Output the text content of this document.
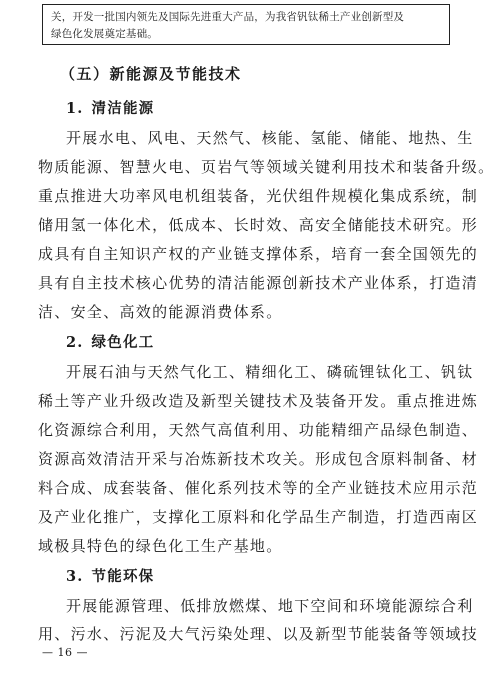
关，开发一批国内领先及国际先进重大产品，为我省钒钛稀土产业创新型及
绿色化发展奠定基础。
（五）新能源及节能技术
1. 清洁能源
开展水电、风电、天然气、核能、氢能、储能、地热、生
物质能源、智慧火电、页岩气等领域关键利用技术和装备升级。
重点推进大功率风电机组装备，光伏组件规模化集成系统，制
储用氢一体化术，低成本、长时效、高安全储能技术研究。形
成具有自主知识产权的产业链支撑体系，培育一套全国领先的
具有自主技术核心优势的清洁能源创新技术产业体系，打造清
洁、安全、高效的能源消费体系。
2. 绿色化工
开展石油与天然气化工、精细化工、磷硫锂钛化工、钒钛
稀土等产业升级改造及新型关键技术及装备开发。重点推进炼
化资源综合利用，天然气高值利用、功能精细产品绿色制造、
资源高效清洁开采与冶炼新技术攻关。形成包含原料制备、材
料合成、成套装备、催化系列技术等的全产业链技术应用示范
及产业化推广，支撑化工原料和化学品生产制造，打造西南区
域极具特色的绿色化工生产基地。
3. 节能环保
开展能源管理、低排放燃煤、地下空间和环境能源综合利
用、污水、污泥及大气污染处理、以及新型节能装备等领域技
— 16 —
